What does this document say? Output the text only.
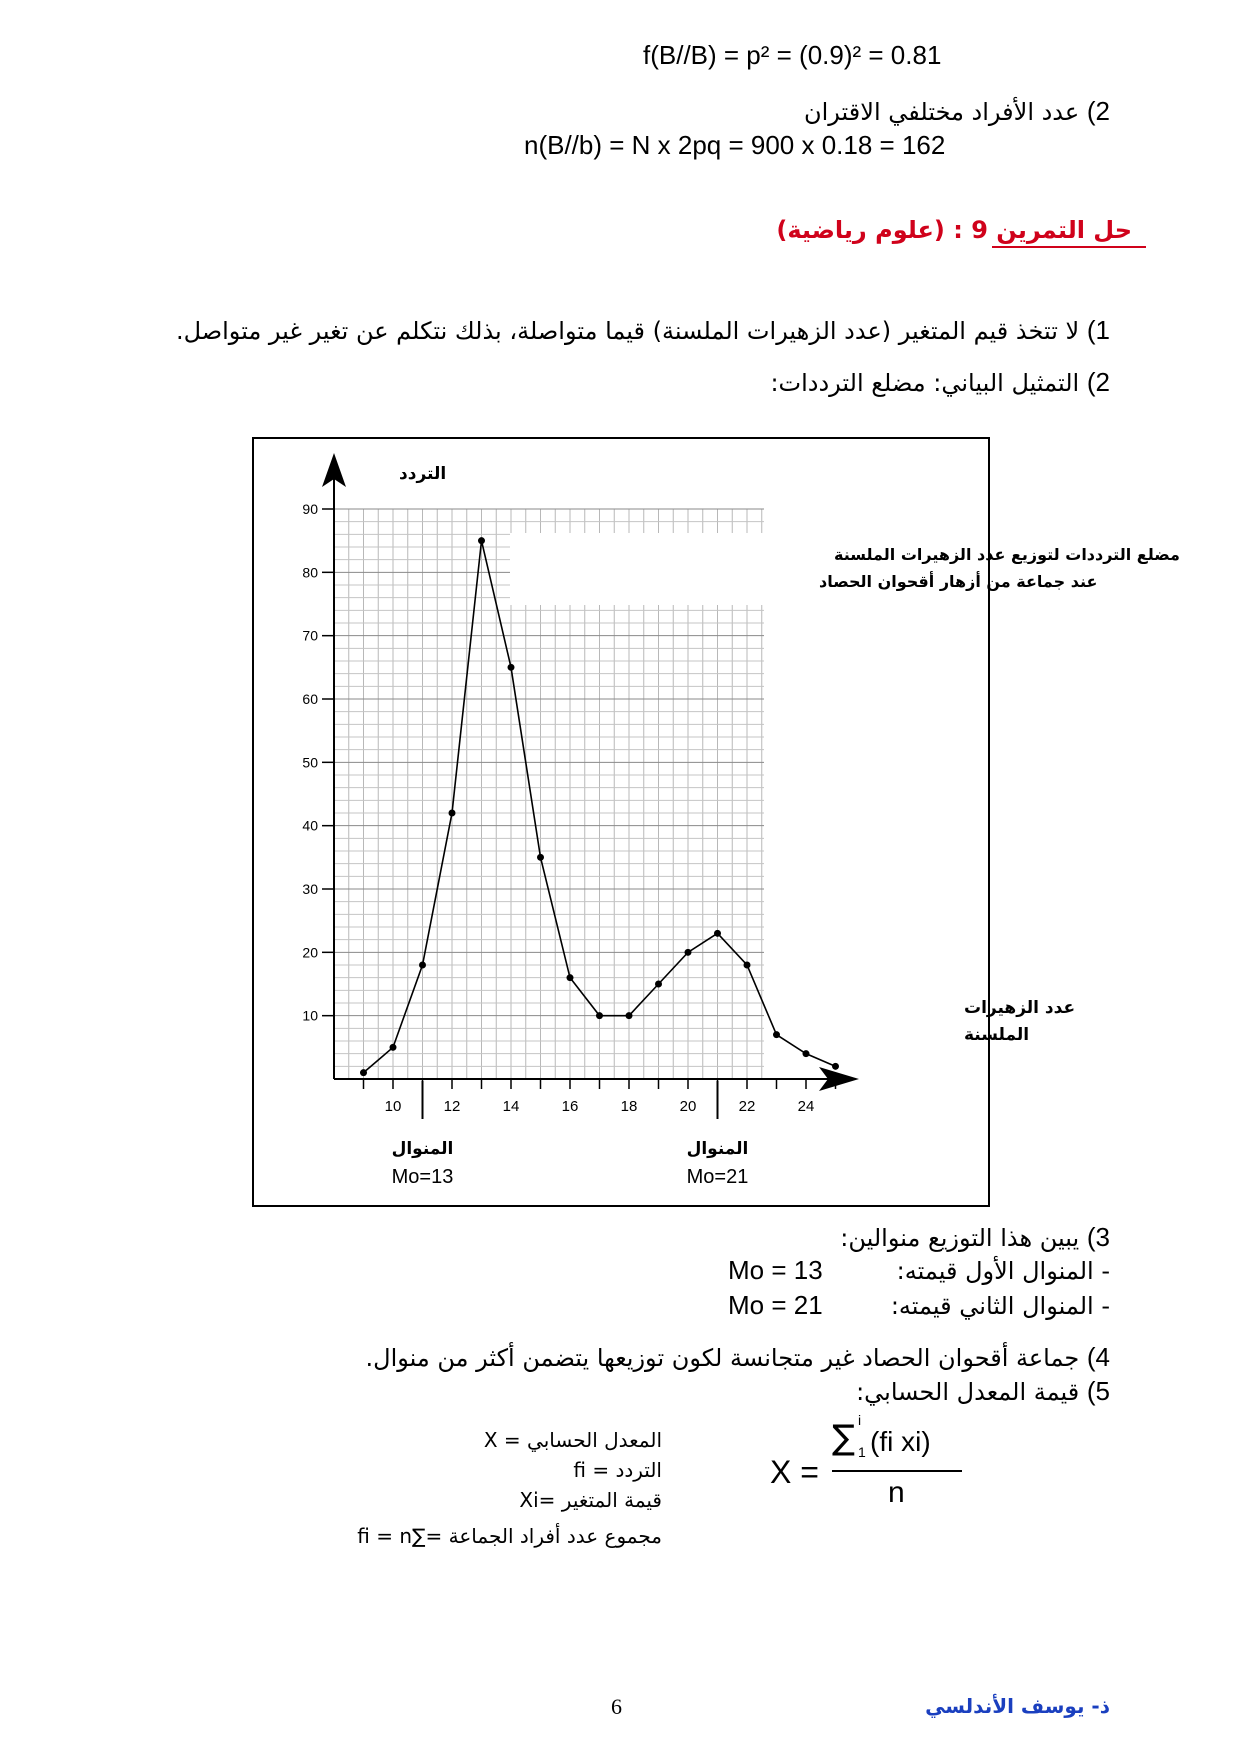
f(B//B) = p² = (0.9)² = 0.81
2) عدد الأفراد مختلفي الاقتران
n(B//b) = N x 2pq = 900 x 0.18 = 162
حل التمرين 9 : (علوم رياضية)
1) لا تتخذ قيم المتغير (عدد الزهيرات الملسنة) قيما متواصلة، بذلك نتكلم عن تغير غير متواصل.
2) التمثيل البياني: مضلع الترددات:
مضلع الترددات لتوزيع عدد الزهيرات الملسنة
عند جماعة من أزهار أقحوان الحصاد
التردد
عدد الزهيرات
الملسنة
10
20
30
40
50
60
70
80
90
10	12	14	16	18	20	22	24
المنوال
Mo=13
المنوال
Mo=21
3) يبين هذا التوزيع منوالين:
- المنوال الأول قيمته:
Mo = 13
- المنوال الثاني قيمته:
Mo = 21
4) جماعة أقحوان الحصاد غير متجانسة لكون توزيعها يتضمن أكثر من منوال.
5) قيمة المعدل الحسابي:
المعدل الحسابي = X
التردد = fi
قيمة المتغير =Xi
مجموع عدد أفراد الجماعة =∑fi = n
X =
∑ i
1 (fi xi)
n
6	ذ- يوسف الأندلسي
